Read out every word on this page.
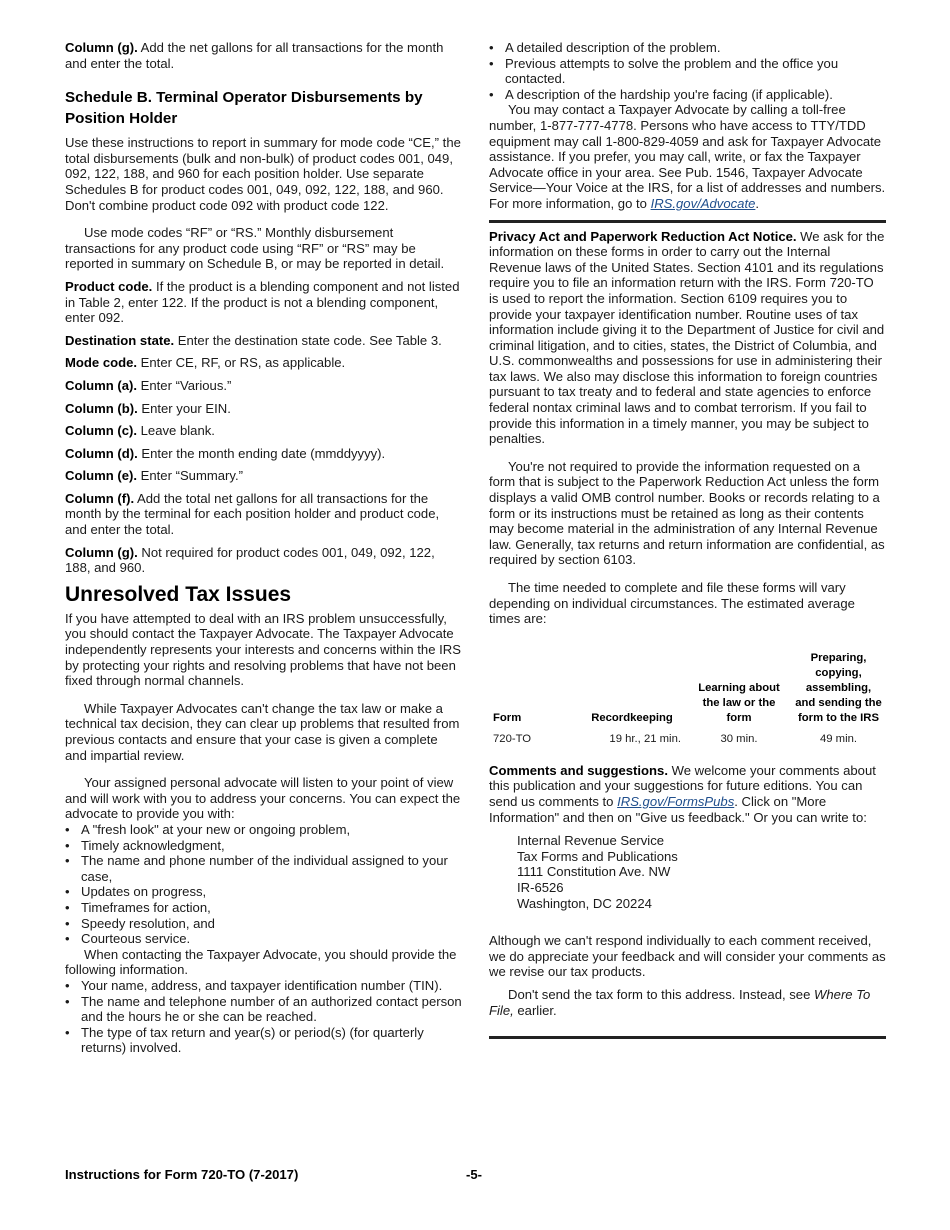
Column (g). Add the net gallons for all transactions for the month and enter the total.

Schedule B. Terminal Operator Disbursements by Position Holder

Use these instructions to report in summary for mode code “CE,” the total disbursements (bulk and non-bulk) of product codes 001, 049, 092, 122, 188, and 960 for each position holder. Use separate Schedules B for product codes 001, 049, 092, 122, 188, and 960. Don't combine product code 092 with product code 122.

Use mode codes “RF” or “RS.” Monthly disbursement transactions for any product code using “RF” or “RS” may be reported in summary on Schedule B, or may be reported in detail.

Product code. If the product is a blending component and not listed in Table 2, enter 122. If the product is not a blending component, enter 092.

Destination state. Enter the destination state code. See Table 3.

Mode code. Enter CE, RF, or RS, as applicable.

Column (a). Enter “Various.”

Column (b). Enter your EIN.

Column (c). Leave blank.

Column (d). Enter the month ending date (mmddyyyy).

Column (e). Enter “Summary.”

Column (f). Add the total net gallons for all transactions for the month by the terminal for each position holder and product code, and enter the total.

Column (g). Not required for product codes 001, 049, 092, 122, 188, and 960.

Unresolved Tax Issues

If you have attempted to deal with an IRS problem unsuccessfully, you should contact the Taxpayer Advocate. The Taxpayer Advocate independently represents your interests and concerns within the IRS by protecting your rights and resolving problems that have not been fixed through normal channels.

While Taxpayer Advocates can't change the tax law or make a technical tax decision, they can clear up problems that resulted from previous contacts and ensure that your case is given a complete and impartial review.

Your assigned personal advocate will listen to your point of view and will work with you to address your concerns. You can expect the advocate to provide you with:

• A "fresh look" at your new or ongoing problem,
• Timely acknowledgment,
• The name and phone number of the individual assigned to your case,
• Updates on progress,
• Timeframes for action,
• Speedy resolution, and
• Courteous service.

When contacting the Taxpayer Advocate, you should provide the following information.

• Your name, address, and taxpayer identification number (TIN).
• The name and telephone number of an authorized contact person and the hours he or she can be reached.
• The type of tax return and year(s) or period(s) (for quarterly returns) involved.
• A detailed description of the problem.
• Previous attempts to solve the problem and the office you contacted.
• A description of the hardship you're facing (if applicable).

You may contact a Taxpayer Advocate by calling a toll-free number, 1-877-777-4778. Persons who have access to TTY/TDD equipment may call 1-800-829-4059 and ask for Taxpayer Advocate assistance. If you prefer, you may call, write, or fax the Taxpayer Advocate office in your area. See Pub. 1546, Taxpayer Advocate Service—Your Voice at the IRS, for a list of addresses and numbers. For more information, go to IRS.gov/Advocate.

Privacy Act and Paperwork Reduction Act Notice. We ask for the information on these forms in order to carry out the Internal Revenue laws of the United States. Section 4101 and its regulations require you to file an information return with the IRS. Form 720-TO is used to report the information. Section 6109 requires you to provide your taxpayer identification number. Routine uses of tax information include giving it to the Department of Justice for civil and criminal litigation, and to cities, states, the District of Columbia, and U.S. commonwealths and possessions for use in administering their tax laws. We also may disclose this information to foreign countries pursuant to tax treaty and to federal and state agencies to enforce federal nontax criminal laws and to combat terrorism. If you fail to provide this information in a timely manner, you may be subject to penalties.

You're not required to provide the information requested on a form that is subject to the Paperwork Reduction Act unless the form displays a valid OMB control number. Books or records relating to a form or its instructions must be retained as long as their contents may become material in the administration of any Internal Revenue law. Generally, tax returns and return information are confidential, as required by section 6103.

The time needed to complete and file these forms will vary depending on individual circumstances. The estimated average times are:

Form	Recordkeeping	Learning about the law or the form	Preparing, copying, assembling, and sending the form to the IRS
720-TO	19 hr., 21 min.	30 min.	49 min.

Comments and suggestions. We welcome your comments about this publication and your suggestions for future editions. You can send us comments to IRS.gov/FormsPubs. Click on "More Information" and then on "Give us feedback." Or you can write to:

Internal Revenue Service
Tax Forms and Publications
1111 Constitution Ave. NW
IR-6526
Washington, DC 20224

Although we can't respond individually to each comment received, we do appreciate your feedback and will consider your comments as we revise our tax products.

Don't send the tax form to this address. Instead, see Where To File, earlier.

Instructions for Form 720-TO (7-2017)	-5-
